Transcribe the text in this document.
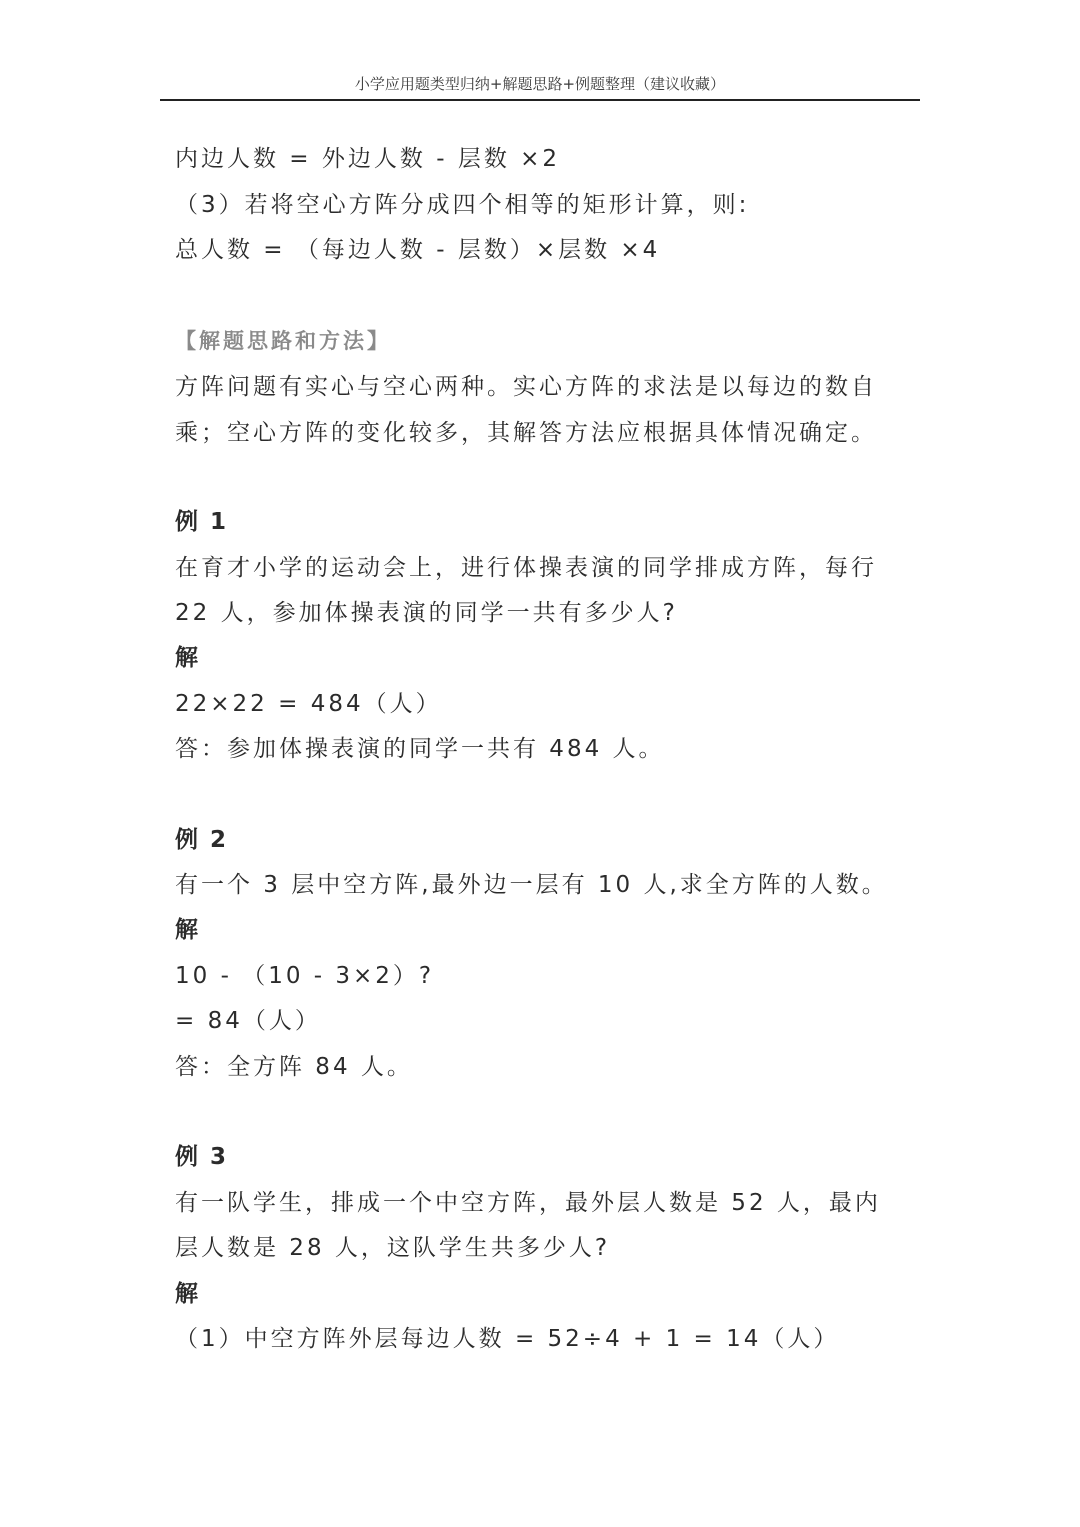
小学应用题类型归纳+解题思路+例题整理（建议收藏）
内边人数 = 外边人数 - 层数 ×2
（3）若将空心方阵分成四个相等的矩形计算，则:
总人数 = （每边人数 - 层数）×层数 ×4
【解题思路和方法】
方阵问题有实心与空心两种。实心方阵的求法是以每边的数自
乘；空心方阵的变化较多，其解答方法应根据具体情况确定。
例 1
在育才小学的运动会上，进行体操表演的同学排成方阵，每行
22 人，参加体操表演的同学一共有多少人?
解
22×22 = 484（人）
答：参加体操表演的同学一共有 484 人。
例 2
有一个 3 层中空方阵,最外边一层有 10 人,求全方阵的人数。
解
10 - （10 - 3×2）?
= 84（人）
答：全方阵 84 人。
例 3
有一队学生，排成一个中空方阵，最外层人数是 52 人，最内
层人数是 28 人，这队学生共多少人?
解
（1）中空方阵外层每边人数 = 52÷4 + 1 = 14（人）
